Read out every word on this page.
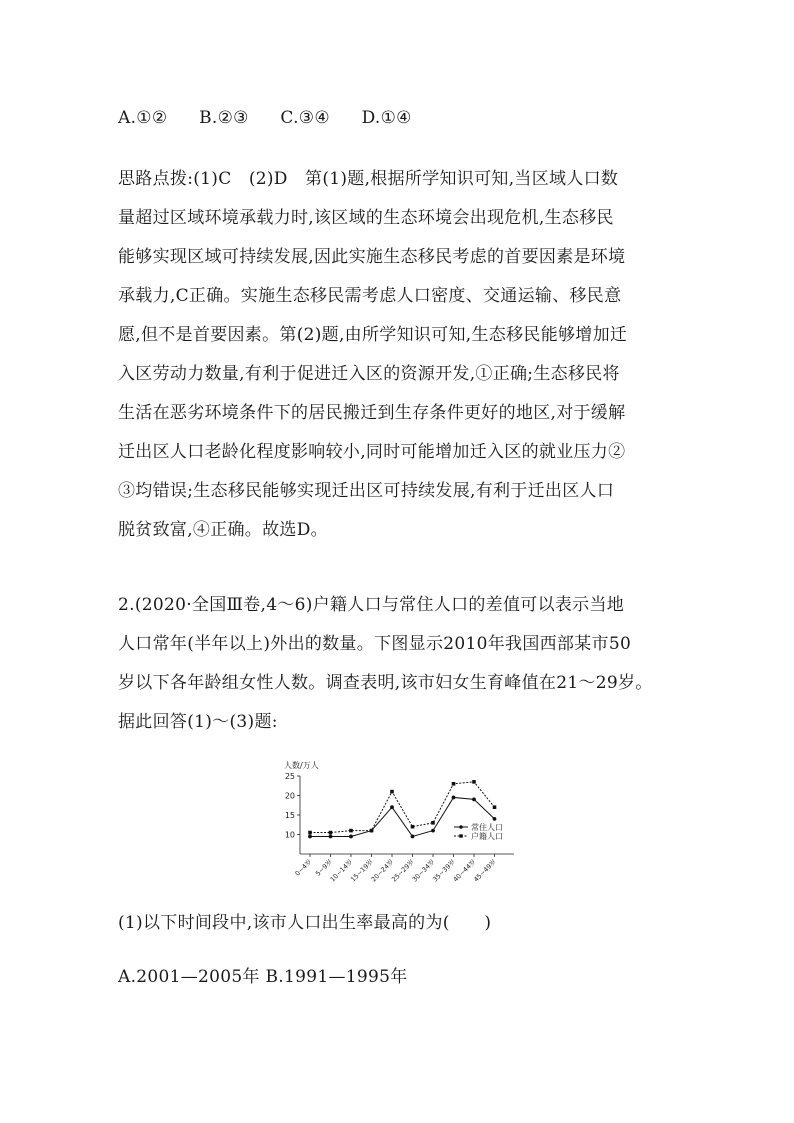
A.①② B.②③ C.③④ D.①④
思路点拨:(1)C　(2)D　第(1)题,根据所学知识可知,当区域人口数
量超过区域环境承载力时,该区域的生态环境会出现危机,生态移民
能够实现区域可持续发展,因此实施生态移民考虑的首要因素是环境
承载力,C正确。实施生态移民需考虑人口密度、交通运输、移民意
愿,但不是首要因素。第(2)题,由所学知识可知,生态移民能够增加迁
入区劳动力数量,有利于促进迁入区的资源开发,①正确;生态移民将
生活在恶劣环境条件下的居民搬迁到生存条件更好的地区,对于缓解
迁出区人口老龄化程度影响较小,同时可能增加迁入区的就业压力②
③均错误;生态移民能够实现迁出区可持续发展,有利于迁出区人口
脱贫致富,④正确。故选D。
2.(2020·全国Ⅲ卷,4～6)户籍人口与常住人口的差值可以表示当地
人口常年(半年以上)外出的数量。下图显示2010年我国西部某市50
岁以下各年龄组女性人数。调查表明,该市妇女生育峰值在21～29岁。
据此回答(1)～(3)题:
人数/万人
10
15
20
25
0~4岁 5~9岁
10~14岁
15~19岁
20~24岁
25~29岁
30~34岁
35~39岁
40~44岁
45~49岁
常住人口
户籍人口
(1)以下时间段中,该市人口出生率最高的为(　　)
A.2001—2005年 B.1991—1995年
